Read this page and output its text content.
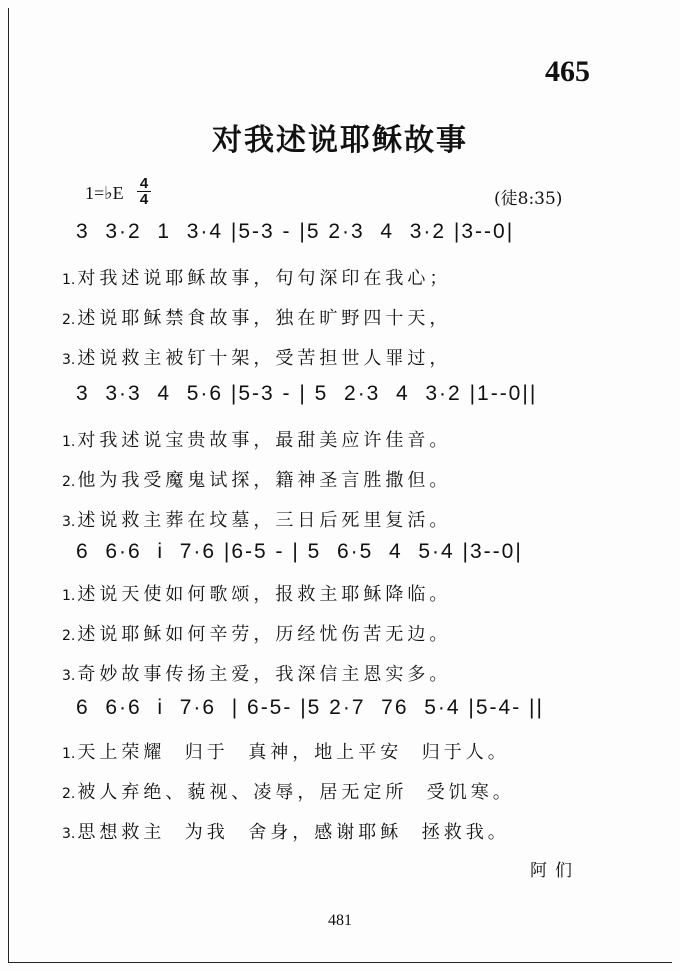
465
对我述说耶稣故事
1=♭E 4
4	(徒8:35)
3  3·2  1  3·4 |5-3 - |5 2·3  4  3·2 |3--0|
1. 对我述说耶稣故事，句句深印在我心；
2. 述说耶稣禁食故事，独在旷野四十天，
3. 述说救主被钉十架，受苦担世人罪过，
3  3·3  4  5·6 |5-3 - | 5  2·3  4  3·2 |1--0||
1. 对我述说宝贵故事，最甜美应许佳音。
2. 他为我受魔鬼试探，籍神圣言胜撒但。
3. 述说救主葬在坟墓，三日后死里复活。
6  6·6  i  7·6 |6-5 - | 5  6·5  4  5·4 |3--0|
1. 述说天使如何歌颂，报救主耶稣降临。
2. 述说耶稣如何辛劳，历经忧伤苦无边。
3. 奇妙故事传扬主爱，我深信主恩实多。
6  6·6  i  7·6  | 6-5- |5 2·7  76  5·4 |5-4- ||
1. 天上荣耀  归于  真神，地上平安  归于人。
2. 被人弃绝、藐视、凌辱，居无定所  受饥寒。
3. 思想救主  为我  舍身，感谢耶稣  拯救我。
阿们
481
